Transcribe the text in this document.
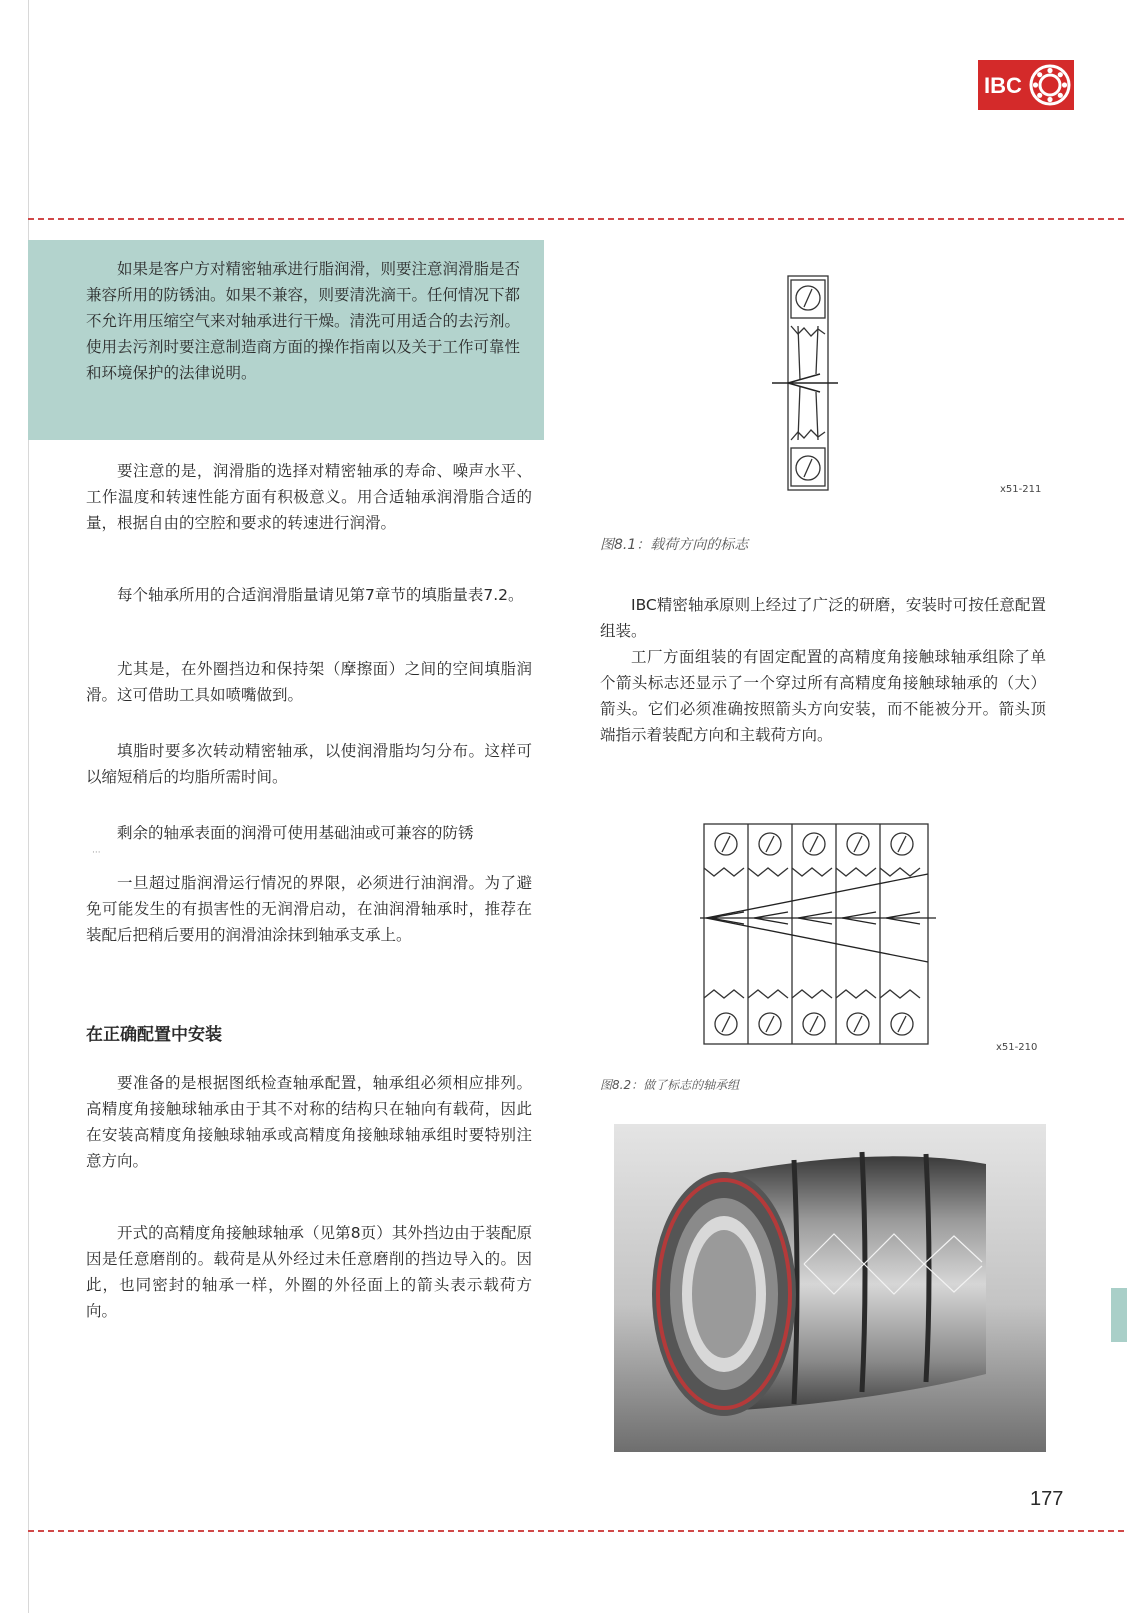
IBC

如果是客户方对精密轴承进行脂润滑，则要注意润滑脂是否兼容所用的防锈油。如果不兼容，则要清洗滴干。任何情况下都不允许用压缩空气来对轴承进行干燥。清洗可用适合的去污剂。使用去污剂时要注意制造商方面的操作指南以及关于工作可靠性和环境保护的法律说明。

要注意的是，润滑脂的选择对精密轴承的寿命、噪声水平、工作温度和转速性能方面有积极意义。用合适轴承润滑脂合适的量，根据自由的空腔和要求的转速进行润滑。

每个轴承所用的合适润滑脂量请见第7章节的填脂量表7.2。

尤其是，在外圈挡边和保持架（摩擦面）之间的空间填脂润滑。这可借助工具如喷嘴做到。

填脂时要多次转动精密轴承，以使润滑脂均匀分布。这样可以缩短稍后的均脂所需时间。

剩余的轴承表面的润滑可使用基础油或可兼容的防锈

···

一旦超过脂润滑运行情况的界限，必须进行油润滑。为了避免可能发生的有损害性的无润滑启动，在油润滑轴承时，推荐在装配后把稍后要用的润滑油涂抹到轴承支承上。

在正确配置中安装

要准备的是根据图纸检查轴承配置，轴承组必须相应排列。高精度角接触球轴承由于其不对称的结构只在轴向有载荷，因此在安装高精度角接触球轴承或高精度角接触球轴承组时要特别注意方向。

开式的高精度角接触球轴承（见第8页）其外挡边由于装配原因是任意磨削的。载荷是从外经过未任意磨削的挡边导入的。因此，也同密封的轴承一样，外圈的外径面上的箭头表示载荷方向。

x51-211
图8.1：载荷方向的标志

IBC精密轴承原则上经过了广泛的研磨，安装时可按任意配置组装。

工厂方面组装的有固定配置的高精度角接触球轴承组除了单个箭头标志还显示了一个穿过所有高精度角接触球轴承的（大）箭头。它们必须准确按照箭头方向安装，而不能被分开。箭头顶端指示着装配方向和主载荷方向。

x51-210
图8.2：做了标志的轴承组
177
